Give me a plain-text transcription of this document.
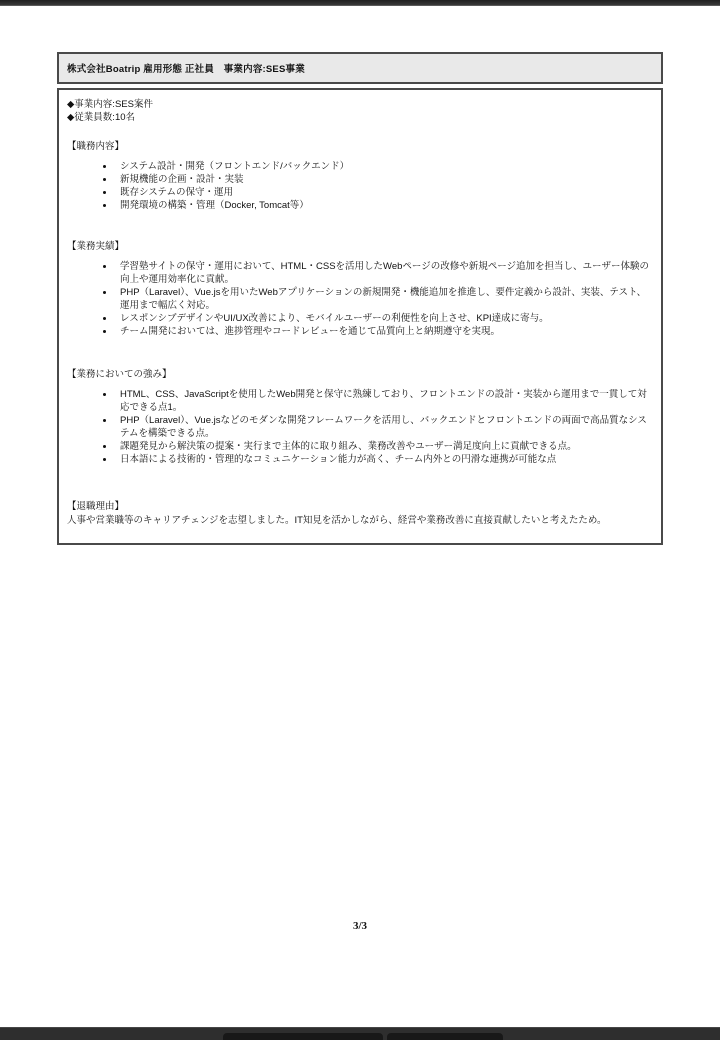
株式会社Boatrip 雇用形態 正社員　事業内容:SES事業
◆事業内容:SES案件
◆従業員数:10名
【職務内容】
• システム設計・開発（フロントエンド/バックエンド）
• 新規機能の企画・設計・実装
• 既存システムの保守・運用
• 開発環境の構築・管理（Docker, Tomcat等）
【業務実績】
• 学習塾サイトの保守・運用において、HTML・CSSを活用したWebページの改修や新規ページ追加を担当し、ユーザー体験の向上や運用効率化に貢献。
• PHP（Laravel）、Vue.jsを用いたWebアプリケーションの新規開発・機能追加を推進し、要件定義から設計、実装、テスト、運用まで幅広く対応。
• レスポンシブデザインやUI/UX改善により、モバイルユーザーの利便性を向上させ、KPI達成に寄与。
• チーム開発においては、進捗管理やコードレビューを通じて品質向上と納期遵守を実現。
【業務においての強み】
• HTML、CSS、JavaScriptを使用したWeb開発と保守に熟練しており、フロントエンドの設計・実装から運用まで一貫して対応できる点1。
• PHP（Laravel）、Vue.jsなどのモダンな開発フレームワークを活用し、バックエンドとフロントエンドの両面で高品質なシステムを構築できる点。
• 課題発見から解決策の提案・実行まで主体的に取り組み、業務改善やユーザー満足度向上に貢献できる点。
• 日本語による技術的・管理的なコミュニケーション能力が高く、チーム内外との円滑な連携が可能な点
【退職理由】

人事や営業職等のキャリアチェンジを志望しました。IT知見を活かしながら、経営や業務改善に直接貢献したいと考えたため。

3/3
